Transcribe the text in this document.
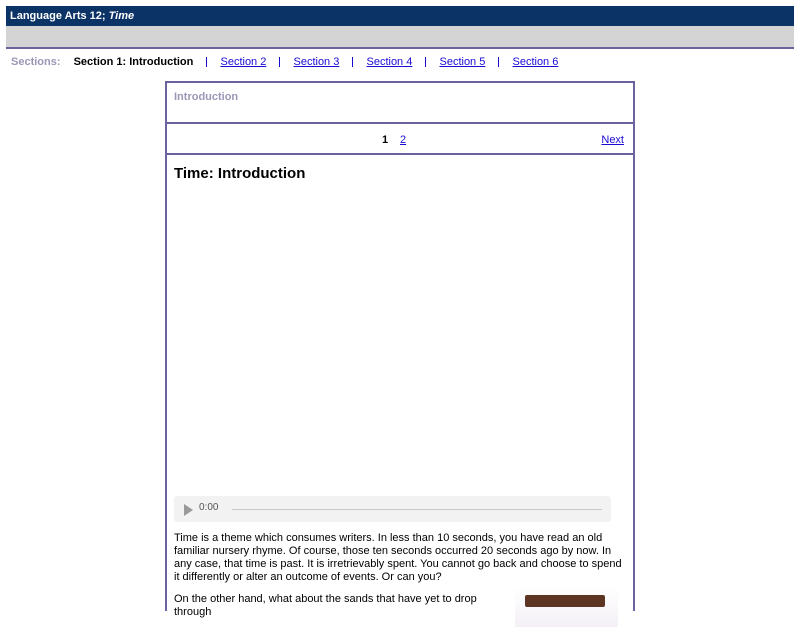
Language Arts 12; Time
Sections: Section 1: Introduction Section 2 Section 3 Section 4 Section 5 Section 6
Introduction
1 2	Next
Time: Introduction
0:00
Time is a theme which consumes writers. In less than 10 seconds, you have read an old familiar nursery rhyme. Of course, those ten seconds occurred 20 seconds ago by now. In any case, that time is past. It is irretrievably spent. You cannot go back and choose to spend it differently or alter an outcome of events. Or can you?
On the other hand, what about the sands that have yet to drop through
